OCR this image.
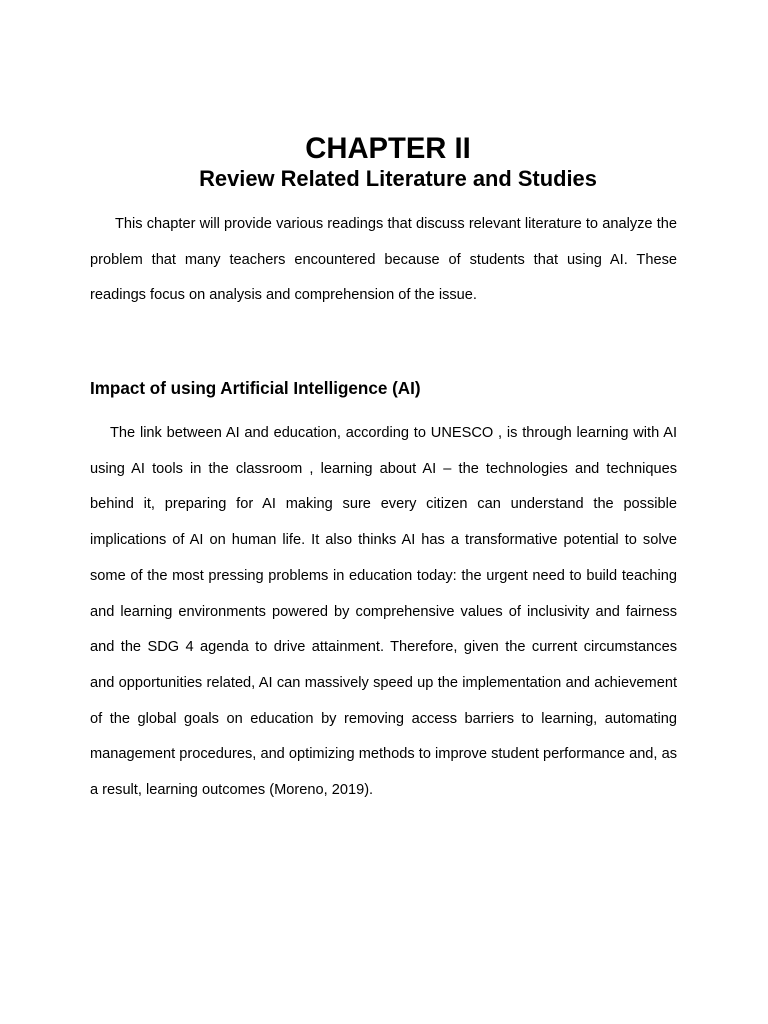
CHAPTER II
Review Related Literature and Studies

This chapter will provide various readings that discuss relevant literature to analyze the problem that many teachers encountered because of students that using AI. These readings focus on analysis and comprehension of the issue.

Impact of using Artificial Intelligence (AI)

The link between AI and education, according to UNESCO , is through learning with AI using AI tools in the classroom , learning about AI – the technologies and techniques behind it, preparing for AI making sure every citizen can understand the possible implications of AI on human life. It also thinks AI has a transformative potential to solve some of the most pressing problems in education today: the urgent need to build teaching and learning environments powered by comprehensive values of inclusivity and fairness and the SDG 4 agenda to drive attainment. Therefore, given the current circumstances and opportunities related, AI can massively speed up the implementation and achievement of the global goals on education by removing access barriers to learning, automating management procedures, and optimizing methods to improve student performance and, as a result, learning outcomes (Moreno, 2019).
